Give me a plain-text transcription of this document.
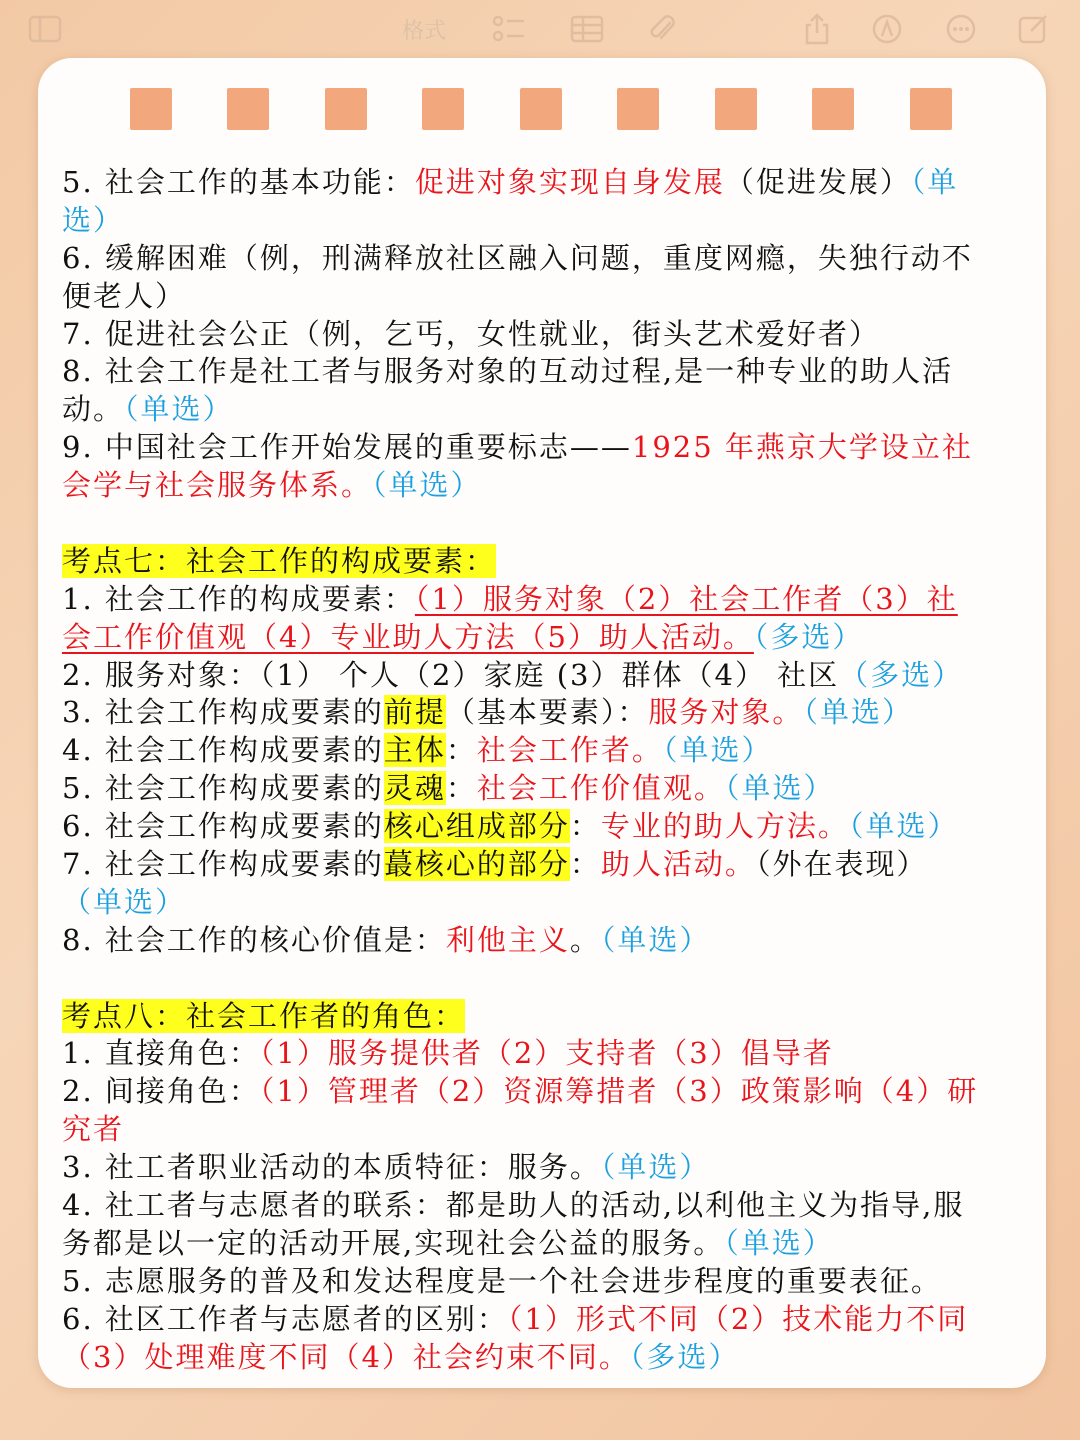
格式
5. 社会工作的基本功能：促进对象实现自身发展（促进发展）（单
选）
6. 缓解困难（例，刑满释放社区融入问题，重度网瘾，失独行动不
便老人）
7. 促进社会公正（例，乞丐，女性就业，街头艺术爱好者）
8. 社会工作是社工者与服务对象的互动过程,是一种专业的助人活
动。（单选）
9. 中国社会工作开始发展的重要标志——1925 年燕京大学设立社
会学与社会服务体系。（单选）
考点七：社会工作的构成要素：
1. 社会工作的构成要素：（1）服务对象（2）社会工作者（3）社
会工作价值观（4）专业助人方法（5）助人活动。（多选）
2. 服务对象：（1） 个人（2）家庭 (3）群体（4） 社区（多选）
3. 社会工作构成要素的前提（基本要素）：服务对象。（单选）
4. 社会工作构成要素的主体：社会工作者。（单选）
5. 社会工作构成要素的灵魂：社会工作价值观。（单选）
6. 社会工作构成要素的核心组成部分：专业的助人方法。（单选）
7. 社会工作构成要素的蕞核心的部分：助人活动。（外在表现）
（单选）
8. 社会工作的核心价值是：利他主义。（单选）
考点八：社会工作者的角色：
1. 直接角色：（1）服务提供者（2）支持者（3）倡导者
2. 间接角色：（1）管理者（2）资源筹措者（3）政策影响（4）研
究者
3. 社工者职业活动的本质特征：服务。（单选）
4. 社工者与志愿者的联系：都是助人的活动,以利他主义为指导,服
务都是以一定的活动开展,实现社会公益的服务。（单选）
5. 志愿服务的普及和发达程度是一个社会进步程度的重要表征。
6. 社区工作者与志愿者的区别：（1）形式不同（2）技术能力不同
（3）处理难度不同（4）社会约束不同。（多选）
